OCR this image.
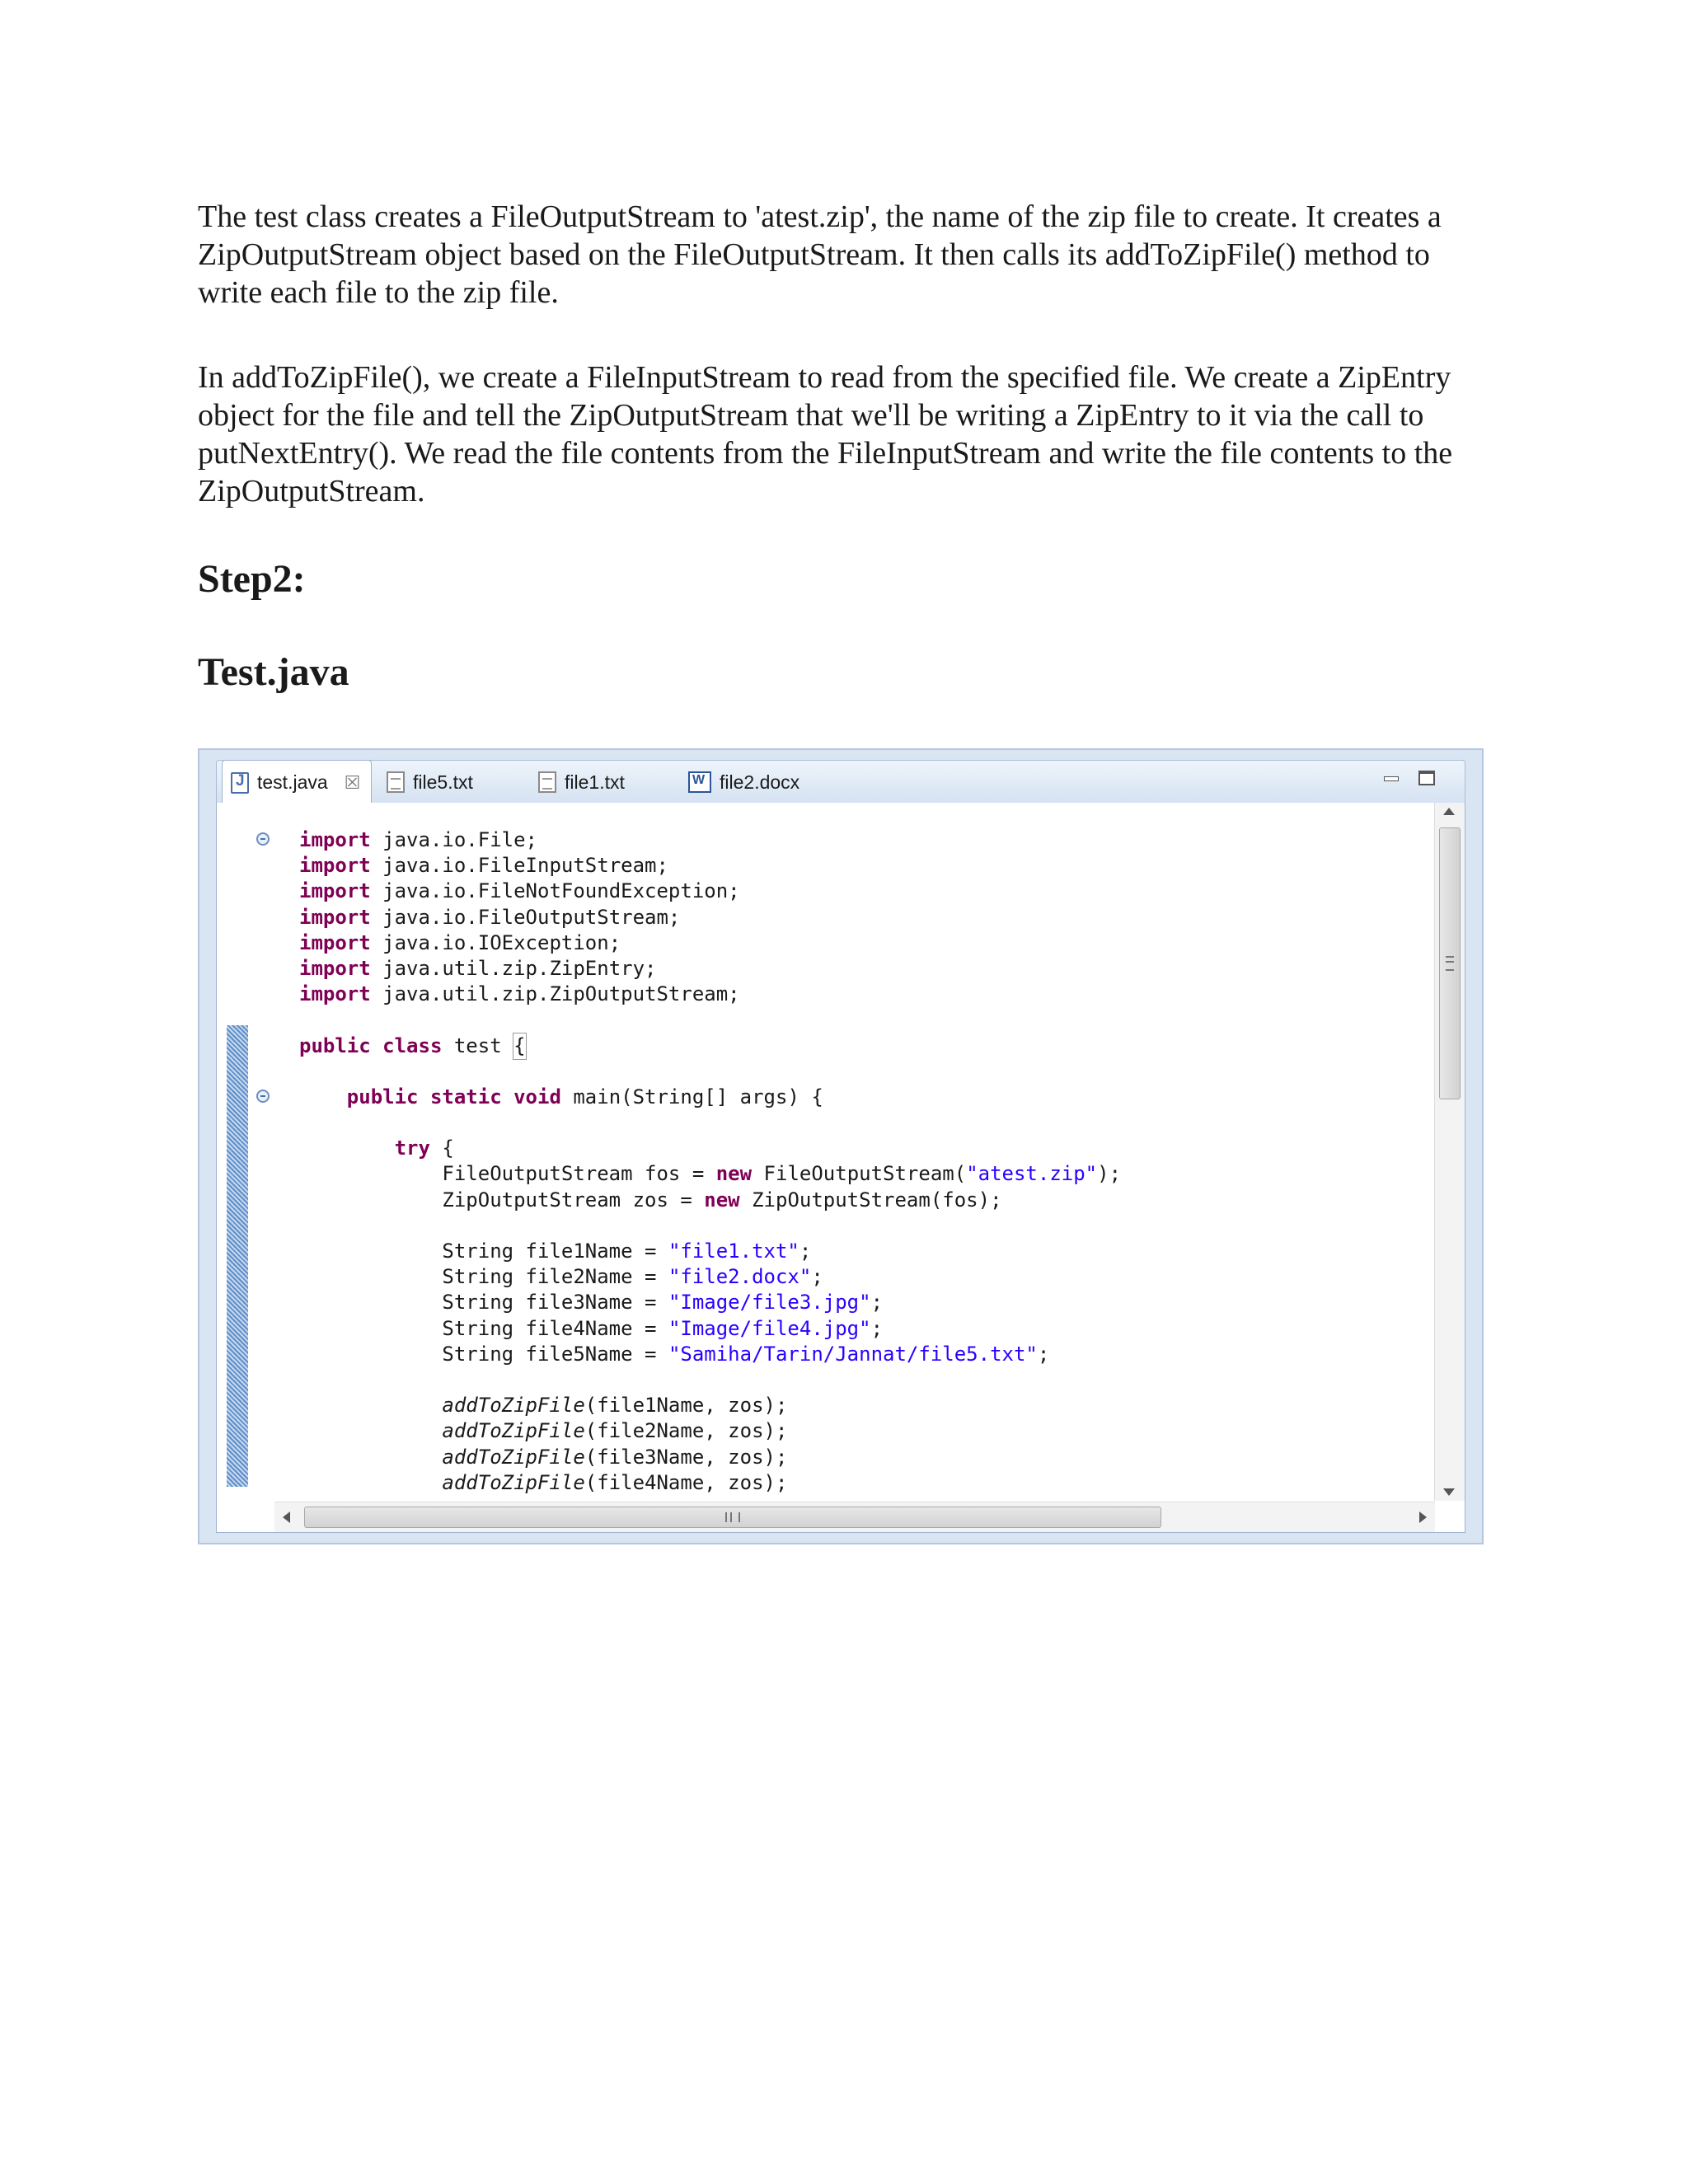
The test class creates a FileOutputStream to 'atest.zip', the name of the zip file to create. It creates a ZipOutputStream object based on the FileOutputStream. It then calls its addToZipFile() method to write each file to the zip file.

In addToZipFile(), we create a FileInputStream to read from the specified file. We create a ZipEntry object for the file and tell the ZipOutputStream that we'll be writing a ZipEntry to it via the call to putNextEntry(). We read the file contents from the FileInputStream and write the file contents to the ZipOutputStream.

Step2:
Test.java
J
test.java ☒	file5.txt	file1.txt
W	file2.docx
import java.io.File;
import java.io.FileInputStream;
import java.io.FileNotFoundException;
import java.io.FileOutputStream;
import java.io.IOException;
import java.util.zip.ZipEntry;
import java.util.zip.ZipOutputStream;
public class test {
public static void main(String[] args) {
try {
FileOutputStream fos = new FileOutputStream("atest.zip");
ZipOutputStream zos = new ZipOutputStream(fos);
String file1Name = "file1.txt";
String file2Name = "file2.docx";
String file3Name = "Image/file3.jpg";
String file4Name = "Image/file4.jpg";
String file5Name = "Samiha/Tarin/Jannat/file5.txt";
addToZipFile(file1Name, zos);
addToZipFile(file2Name, zos);
addToZipFile(file3Name, zos);
addToZipFile(file4Name, zos);
